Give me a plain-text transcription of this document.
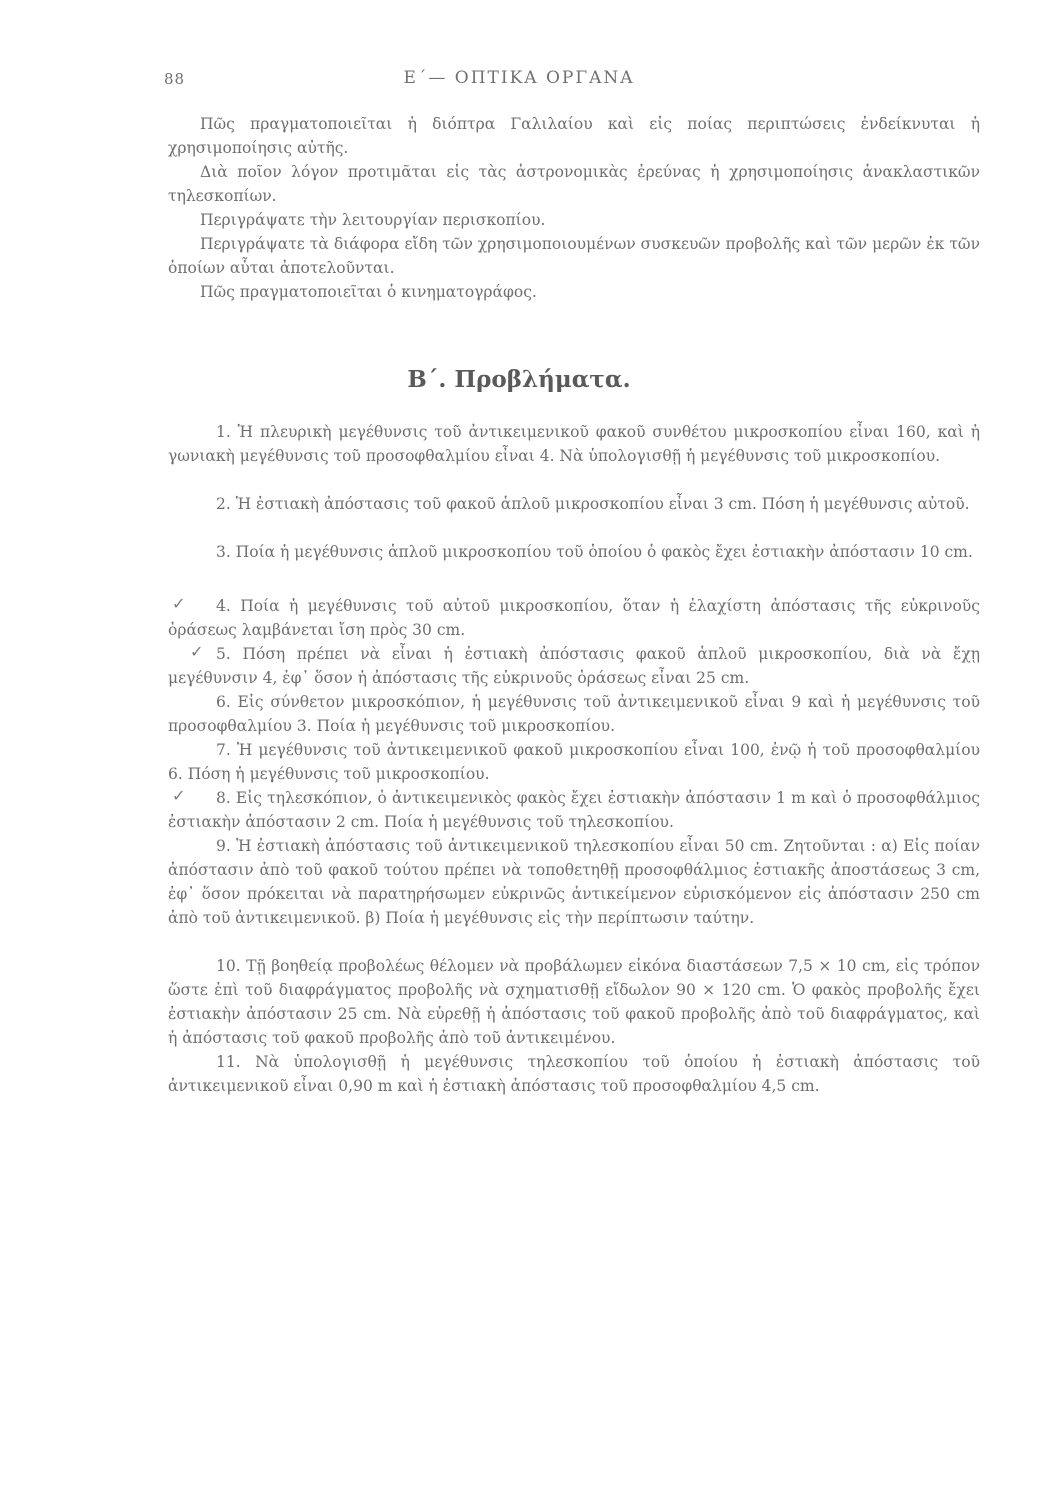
88	Ε΄— ΟΠΤΙΚΑ ΟΡΓΑΝΑ

Πῶς πραγματοποιεῖται ἡ διόπτρα Γαλιλαίου καὶ εἰς ποίας περιπτώσεις ἐνδείκνυται ἡ χρησιμοποίησις αὐτῆς.

Διὰ ποῖον λόγον προτιμᾶται εἰς τὰς ἀστρονομικὰς ἐρεύνας ἡ χρησιμοποίησις ἀνακλαστικῶν τηλεσκοπίων.

Περιγράψατε τὴν λειτουργίαν περισκοπίου.

Περιγράψατε τὰ διάφορα εἴδη τῶν χρησιμοποιουμένων συσκευῶν προβολῆς καὶ τῶν μερῶν ἐκ τῶν ὁποίων αὗται ἀποτελοῦνται.

Πῶς πραγματοποιεῖται ὁ κινηματογράφος.

Β΄. Προβλήματα.

1. Ἡ πλευρικὴ μεγέθυνσις τοῦ ἀντικειμενικοῦ φακοῦ συνθέτου μικροσκοπίου εἶναι 160, καὶ ἡ γωνιακὴ μεγέθυνσις τοῦ προσοφθαλμίου εἶναι 4. Νὰ ὑπολογισθῇ ἡ μεγέθυνσις τοῦ μικροσκοπίου.

2. Ἡ ἐστιακὴ ἀπόστασις τοῦ φακοῦ ἁπλοῦ μικροσκοπίου εἶναι 3 cm. Πόση ἡ μεγέθυνσις αὐτοῦ.

3. Ποία ἡ μεγέθυνσις ἁπλοῦ μικροσκοπίου τοῦ ὁποίου ὁ φακὸς ἔχει ἐστιακὴν ἀπόστασιν 10 cm.

✓	4. Ποία ἡ μεγέθυνσις τοῦ αὐτοῦ μικροσκοπίου, ὅταν ἡ ἐλαχίστη ἀπόστασις τῆς εὐκρινοῦς ὁράσεως λαμβάνεται ἴση πρὸς 30 cm.

✓ 5. Πόση πρέπει νὰ εἶναι ἡ ἐστιακὴ ἀπόστασις φακοῦ ἁπλοῦ μικροσκοπίου, διὰ νὰ ἔχῃ μεγέθυνσιν 4, ἐφ᾽ ὅσον ἡ ἀπόστασις τῆς εὐκρινοῦς ὁράσεως εἶναι 25 cm.

6. Εἰς σύνθετον μικροσκόπιον, ἡ μεγέθυνσις τοῦ ἀντικειμενικοῦ εἶναι 9 καὶ ἡ μεγέθυνσις τοῦ προσοφθαλμίου 3. Ποία ἡ μεγέθυνσις τοῦ μικροσκοπίου.

7. Ἡ μεγέθυνσις τοῦ ἀντικειμενικοῦ φακοῦ μικροσκοπίου εἶναι 100, ἐνῷ ἡ τοῦ προσοφθαλμίου 6. Πόση ἡ μεγέθυνσις τοῦ μικροσκοπίου.

✓	8. Εἰς τηλεσκόπιον, ὁ ἀντικειμενικὸς φακὸς ἔχει ἐστιακὴν ἀπόστασιν 1 m καὶ ὁ προσοφθάλμιος ἐστιακὴν ἀπόστασιν 2 cm. Ποία ἡ μεγέθυνσις τοῦ τηλεσκοπίου.

9. Ἡ ἐστιακὴ ἀπόστασις τοῦ ἀντικειμενικοῦ τηλεσκοπίου εἶναι 50 cm. Ζητοῦνται : α) Εἰς ποίαν ἀπόστασιν ἀπὸ τοῦ φακοῦ τούτου πρέπει νὰ τοποθετηθῇ προσοφθάλμιος ἐστιακῆς ἀποστάσεως 3 cm, ἐφ᾽ ὅσον πρόκειται νὰ παρατηρήσωμεν εὐκρινῶς ἀντικείμενον εὑρισκόμενον εἰς ἀπόστασιν 250 cm ἀπὸ τοῦ ἀντικειμενικοῦ. β) Ποία ἡ μεγέθυνσις εἰς τὴν περίπτωσιν ταύτην.

10. Τῇ βοηθείᾳ προβολέως θέλομεν νὰ προβάλωμεν εἰκόνα διαστάσεων 7,5 × 10 cm, εἰς τρόπον ὥστε ἐπὶ τοῦ διαφράγματος προβολῆς νὰ σχηματισθῇ εἴδωλον 90 × 120 cm. Ὁ φακὸς προβολῆς ἔχει ἐστιακὴν ἀπόστασιν 25 cm. Νὰ εὑρεθῇ ἡ ἀπόστασις τοῦ φακοῦ προβολῆς ἀπὸ τοῦ διαφράγματος, καὶ ἡ ἀπόστασις τοῦ φακοῦ προβολῆς ἀπὸ τοῦ ἀντικειμένου.

11. Νὰ ὑπολογισθῇ ἡ μεγέθυνσις τηλεσκοπίου τοῦ ὁποίου ἡ ἐστιακὴ ἀπόστασις τοῦ ἀντικειμενικοῦ εἶναι 0,90 m καὶ ἡ ἐστιακὴ ἀπόστασις τοῦ προσοφθαλμίου 4,5 cm.
